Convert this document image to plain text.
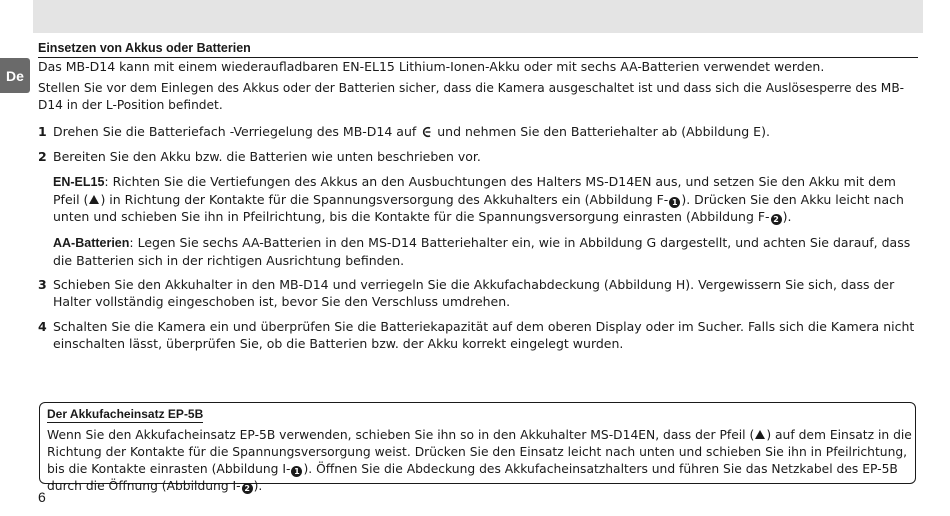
De
Einsetzen von Akkus oder Batterien

Das MB-D14 kann mit einem wiederaufladbaren EN-EL15 Lithium-Ionen-Akku oder mit sechs AA-Batterien verwendet werden.

Stellen Sie vor dem Einlegen des Akkus oder der Batterien sicher, dass die Kamera ausgeschaltet ist und dass sich die Auslösesperre des MB-D14 in der L-Position befindet.

1 Drehen Sie die Batteriefach -Verriegelung des MB-D14 auf und nehmen Sie den Batteriehalter ab (Abbildung E).
2 Bereiten Sie den Akku bzw. die Batterien wie unten beschrieben vor.
EN-EL15: Richten Sie die Vertiefungen des Akkus an den Ausbuchtungen des Halters MS-D14EN aus, und setzen Sie den Akku mit dem Pfeil ( ) in Richtung der Kontakte für die Spannungsversorgung des Akkuhalters ein (Abbildung F- 1 ). Drücken Sie den Akku leicht nach unten und schieben Sie ihn in Pfeilrichtung, bis die Kontakte für die Spannungsversorgung einrasten (Abbildung F- 2 ).
AA-Batterien: Legen Sie sechs AA-Batterien in den MS-D14 Batteriehalter ein, wie in Abbildung G dargestellt, und achten Sie darauf, dass die Batterien sich in der richtigen Ausrichtung befinden.
3 Schieben Sie den Akkuhalter in den MB-D14 und verriegeln Sie die Akkufachabdeckung (Abbildung H). Vergewissern Sie sich, dass der Halter vollständig eingeschoben ist, bevor Sie den Verschluss umdrehen.
4 Schalten Sie die Kamera ein und überprüfen Sie die Batteriekapazität auf dem oberen Display oder im Sucher. Falls sich die Kamera nicht einschalten lässt, überprüfen Sie, ob die Batterien bzw. der Akku korrekt eingelegt wurden.
Der Akkufacheinsatz EP-5B
Wenn Sie den Akkufacheinsatz EP-5B verwenden, schieben Sie ihn so in den Akkuhalter MS-D14EN, dass der Pfeil ( ) auf dem Einsatz in die Richtung der Kontakte für die Spannungsversorgung weist. Drücken Sie den Einsatz leicht nach unten und schieben Sie ihn in Pfeilrichtung, bis die Kontakte einrasten (Abbildung I- 1 ). Öffnen Sie die Abdeckung des Akkufacheinsatzhalters und führen Sie das Netzkabel des EP-5B durch die Öffnung (Abbildung I- 2 ).
6
